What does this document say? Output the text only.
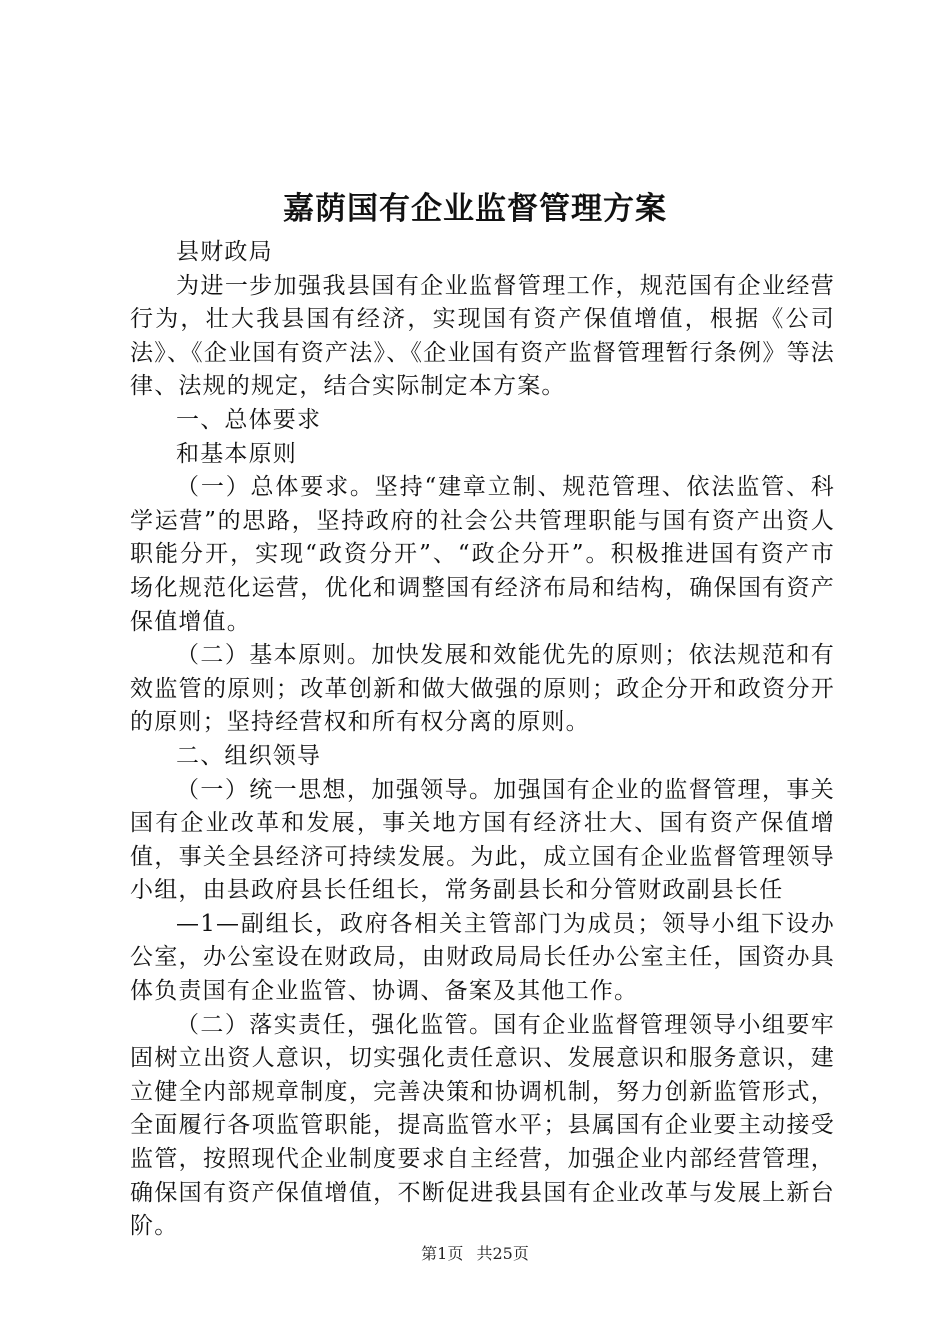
嘉荫国有企业监督管理方案

县财政局

为进一步加强我县国有企业监督管理工作，规范国有企业经营行为，壮大我县国有经济，实现国有资产保值增值，根据《公司法》、《企业国有资产法》、《企业国有资产监督管理暂行条例》等法律、法规的规定，结合实际制定本方案。

一、总体要求

和基本原则

（一）总体要求。坚持“建章立制、规范管理、依法监管、科学运营”的思路，坚持政府的社会公共管理职能与国有资产出资人职能分开，实现“政资分开”、“政企分开”。积极推进国有资产市场化规范化运营，优化和调整国有经济布局和结构，确保国有资产保值增值。

（二）基本原则。加快发展和效能优先的原则；依法规范和有效监管的原则；改革创新和做大做强的原则；政企分开和政资分开的原则；坚持经营权和所有权分离的原则。

二、组织领导

（一）统一思想，加强领导。加强国有企业的监督管理，事关国有企业改革和发展，事关地方国有经济壮大、国有资产保值增值，事关全县经济可持续发展。为此，成立国有企业监督管理领导小组，由县政府县长任组长，常务副县长和分管财政副县长任

—1—副组长，政府各相关主管部门为成员；领导小组下设办公室，办公室设在财政局，由财政局局长任办公室主任，国资办具体负责国有企业监管、协调、备案及其他工作。

（二）落实责任，强化监管。国有企业监督管理领导小组要牢固树立出资人意识，切实强化责任意识、发展意识和服务意识，建立健全内部规章制度，完善决策和协调机制，努力创新监管形式，全面履行各项监管职能，提高监管水平；县属国有企业要主动接受监管，按照现代企业制度要求自主经营，加强企业内部经营管理，确保国有资产保值增值，不断促进我县国有企业改革与发展上新台阶。

第1页 共25页
